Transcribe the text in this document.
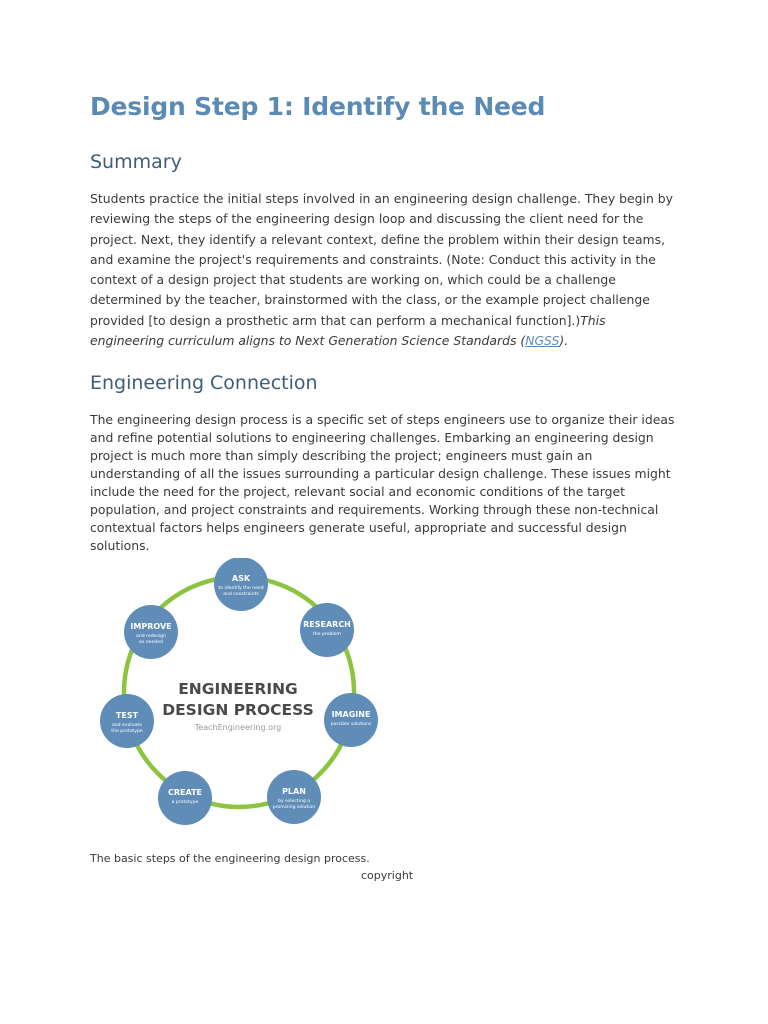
Design Step 1: Identify the Need
Summary

Students practice the initial steps involved in an engineering design challenge. They begin by reviewing the steps of the engineering design loop and discussing the client need for the project. Next, they identify a relevant context, define the problem within their design teams, and examine the project's requirements and constraints. (Note: Conduct this activity in the context of a design project that students are working on, which could be a challenge determined by the teacher, brainstormed with the class, or the example project challenge provided [to design a prosthetic arm that can perform a mechanical function].)This engineering curriculum aligns to Next Generation Science Standards (NGSS).

Engineering Connection

The engineering design process is a specific set of steps engineers use to organize their ideas and refine potential solutions to engineering challenges. Embarking an engineering design project is much more than simply describing the project; engineers must gain an understanding of all the issues surrounding a particular design challenge. These issues might include the need for the project, relevant social and economic conditions of the target population, and project constraints and requirements. Working through these non-technical contextual factors helps engineers generate useful, appropriate and successful design solutions.

ENGINEERING
DESIGN PROCESS
TeachEngineering.org
ASK
to identify the need
and constraints
RESEARCH
the problem
IMAGINE
possible solutions
PLAN
by selecting a
promising solution
CREATE
a prototype
TEST
and evaluate
the prototype
IMPROVE
and redesign
as needed
The basic steps of the engineering design process.
copyright
